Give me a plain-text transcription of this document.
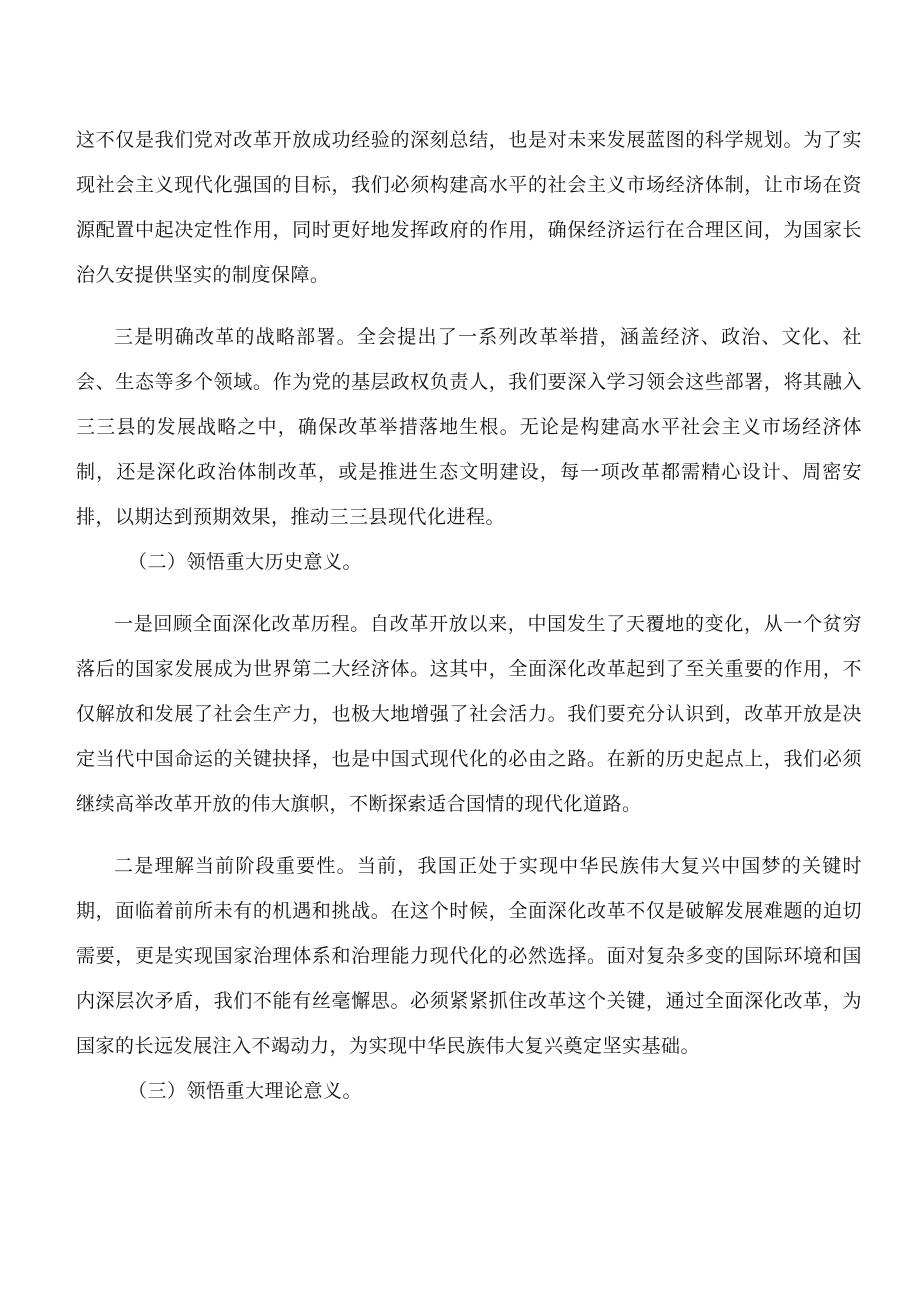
这不仅是我们党对改革开放成功经验的深刻总结，也是对未来发展蓝图的科学规划。为了实现社会主义现代化强国的目标，我们必须构建高水平的社会主义市场经济体制，让市场在资源配置中起决定性作用，同时更好地发挥政府的作用，确保经济运行在合理区间，为国家长治久安提供坚实的制度保障。

三是明确改革的战略部署。全会提出了一系列改革举措，涵盖经济、政治、文化、社会、生态等多个领域。作为党的基层政权负责人，我们要深入学习领会这些部署，将其融入三三县的发展战略之中，确保改革举措落地生根。无论是构建高水平社会主义市场经济体制，还是深化政治体制改革，或是推进生态文明建设，每一项改革都需精心设计、周密安排，以期达到预期效果，推动三三县现代化进程。

（二）领悟重大历史意义。

一是回顾全面深化改革历程。自改革开放以来，中国发生了天覆地的变化，从一个贫穷落后的国家发展成为世界第二大经济体。这其中，全面深化改革起到了至关重要的作用，不仅解放和发展了社会生产力，也极大地增强了社会活力。我们要充分认识到，改革开放是决定当代中国命运的关键抉择，也是中国式现代化的必由之路。在新的历史起点上，我们必须继续高举改革开放的伟大旗帜，不断探索适合国情的现代化道路。

二是理解当前阶段重要性。当前，我国正处于实现中华民族伟大复兴中国梦的关键时期，面临着前所未有的机遇和挑战。在这个时候，全面深化改革不仅是破解发展难题的迫切需要，更是实现国家治理体系和治理能力现代化的必然选择。面对复杂多变的国际环境和国内深层次矛盾，我们不能有丝毫懈思。必须紧紧抓住改革这个关键，通过全面深化改革，为国家的长远发展注入不竭动力，为实现中华民族伟大复兴奠定坚实基础。

（三）领悟重大理论意义。
